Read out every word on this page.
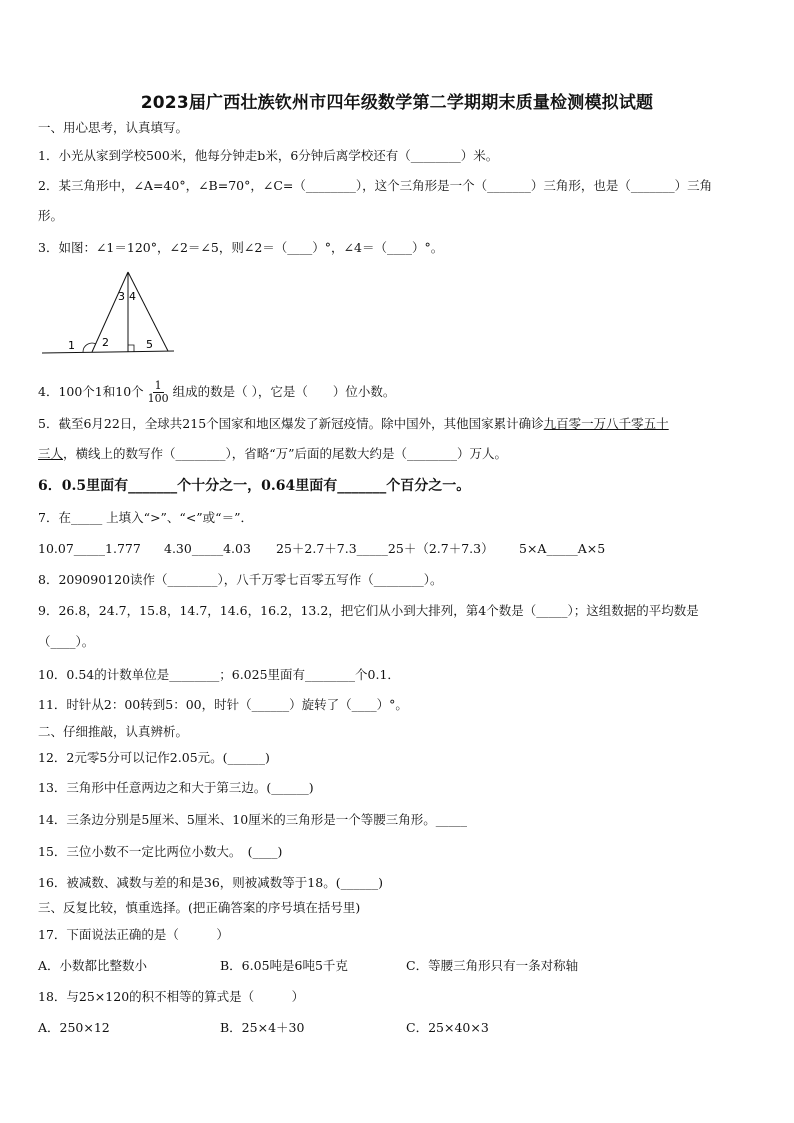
2023届广西壮族钦州市四年级数学第二学期期末质量检测模拟试题
一、用心思考，认真填写。
1．小光从家到学校500米，他每分钟走b米，6分钟后离学校还有（________）米。
2．某三角形中，∠A=40°，∠B=70°，∠C=（________），这个三角形是一个（_______）三角形，也是（_______）三角
形。
3．如图：∠1＝120°，∠2＝∠5，则∠2＝（____）°，∠4＝（____）°。
1 2
3 4
5
4．100个1和10个 $\frac{1}{100}$ 组成的数是（ ），它是（　　）位小数。
5．截至6月22日，全球共215个国家和地区爆发了新冠疫情。除中国外，其他国家累计确诊九百零一万八千零五十
三人，横线上的数写作（________），省略“万”后面的尾数大约是（________）万人。
6．0.5里面有_______个十分之一，0.64里面有_______个百分之一。
7．在_____ 上填入“>”、“<”或“＝”．
10.07_____1.777 4.30_____4.03 25＋2.7＋7.3_____25＋（2.7＋7.3） 5×A_____A×5
8．209090120读作（________），八千万零七百零五写作（________）。
9．26.8，24.7，15.8，14.7，14.6，16.2，13.2，把它们从小到大排列，第4个数是（_____）；这组数据的平均数是
（____）。
10．0.54的计数单位是________；6.025里面有________个0.1．
11．时针从2：00转到5：00，时针（______）旋转了（____）°。
二、仔细推敲，认真辨析。
12．2元零5分可以记作2.05元。(______)
13．三角形中任意两边之和大于第三边。(______)
14．三条边分别是5厘米、5厘米、10厘米的三角形是一个等腰三角形。_____
15．三位小数不一定比两位小数大。　(____)
16．被减数、减数与差的和是36，则被减数等于18。(______)
三、反复比较，慎重选择。(把正确答案的序号填在括号里)
17．下面说法正确的是（　　　）
A．小数都比整数小	B．6.05吨是6吨5千克	C．等腰三角形只有一条对称轴
18．与25×120的积不相等的算式是（　　　）
A．250×12	B．25×4＋30	C．25×40×3
